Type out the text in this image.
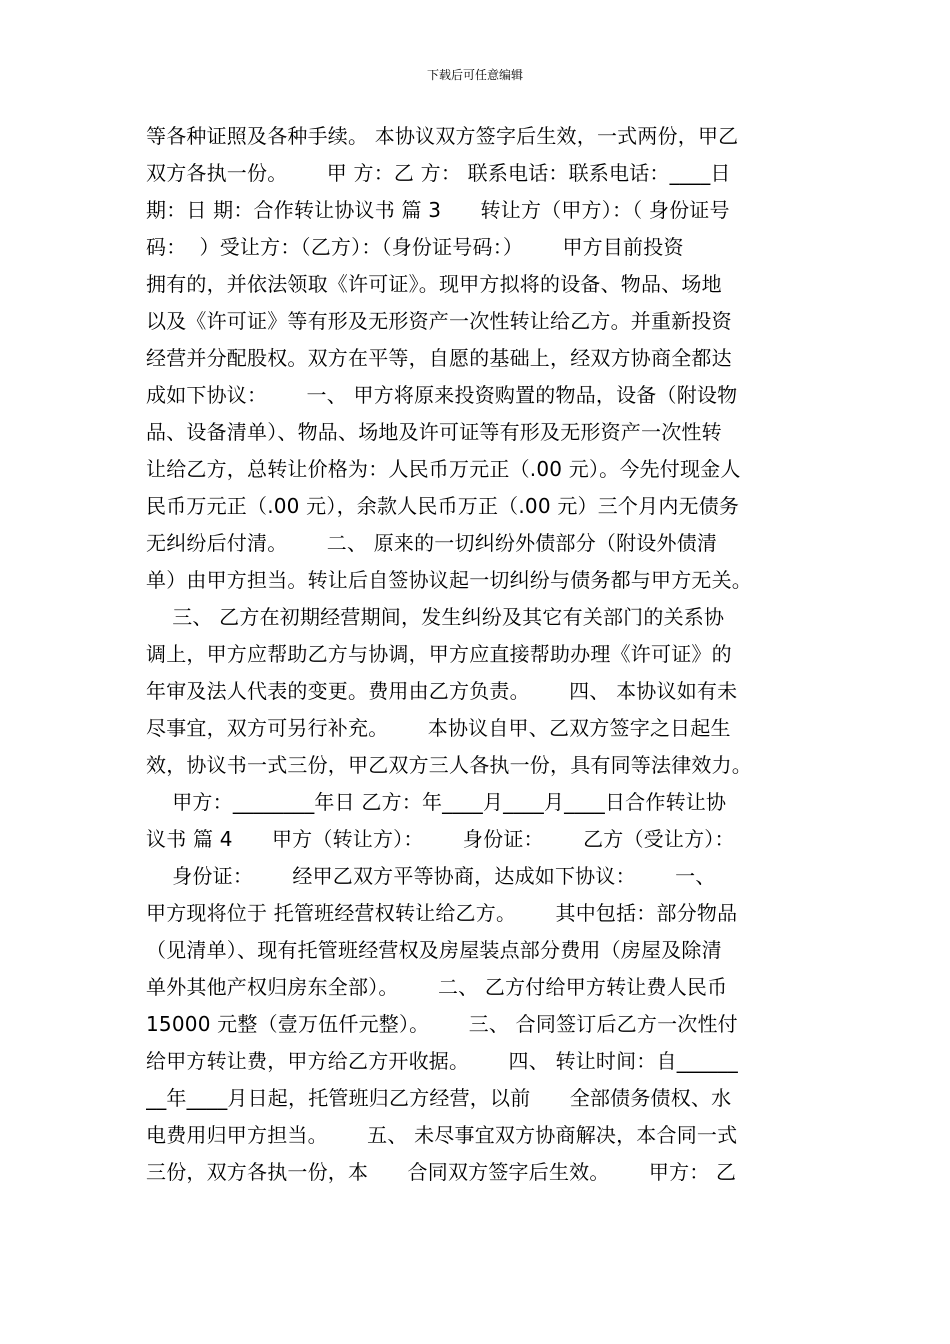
下载后可任意编辑
等各种证照及各种手续。 本协议双方签字后生效，一式两份，甲乙
双方各执一份。      甲 方：乙 方： 联系电话：联系电话：____日
期：日 期：合作转让协议书 篇 3      转让方（甲方）：（ 身份证号
码：  ）受让方：（乙方）：（身份证号码：）      甲方目前投资
拥有的，并依法领取《许可证》。现甲方拟将的设备、物品、场地
以及《许可证》等有形及无形资产一次性转让给乙方。并重新投资
经营并分配股权。双方在平等，自愿的基础上，经双方协商全都达
成如下协议：      一、 甲方将原来投资购置的物品，设备（附设物
品、设备清单）、物品、场地及许可证等有形及无形资产一次性转
让给乙方，总转让价格为：人民币万元正（.00 元）。今先付现金人
民币万元正（.00 元），余款人民币万正（.00 元）三个月内无债务
无纠纷后付清。      二、 原来的一切纠纷外债部分（附设外债清
单）由甲方担当。转让后自签协议起一切纠纷与债务都与甲方无关。
三、 乙方在初期经营期间，发生纠纷及其它有关部门的关系协
调上，甲方应帮助乙方与协调，甲方应直接帮助办理《许可证》的
年审及法人代表的变更。费用由乙方负责。      四、 本协议如有未
尽事宜，双方可另行补充。      本协议自甲、乙双方签字之日起生
效，协议书一式三份，甲乙双方三人各执一份，具有同等法律效力。
甲方：________年日 乙方：年____月____月____日合作转让协
议书 篇 4      甲方（转让方）：      身份证：      乙方（受让方）：
身份证：      经甲乙双方平等协商，达成如下协议：      一、
甲方现将位于 托管班经营权转让给乙方。      其中包括：部分物品
（见清单）、现有托管班经营权及房屋装点部分费用（房屋及除清
单外其他产权归房东全部）。      二、 乙方付给甲方转让费人民币
15000 元整（壹万伍仟元整）。      三、 合同签订后乙方一次性付
给甲方转让费，甲方给乙方开收据。      四、 转让时间：自______
__年____月日起，托管班归乙方经营，以前      全部债务债权、水
电费用归甲方担当。      五、 未尽事宜双方协商解决，本合同一式
三份，双方各执一份，本      合同双方签字后生效。      甲方： 乙
